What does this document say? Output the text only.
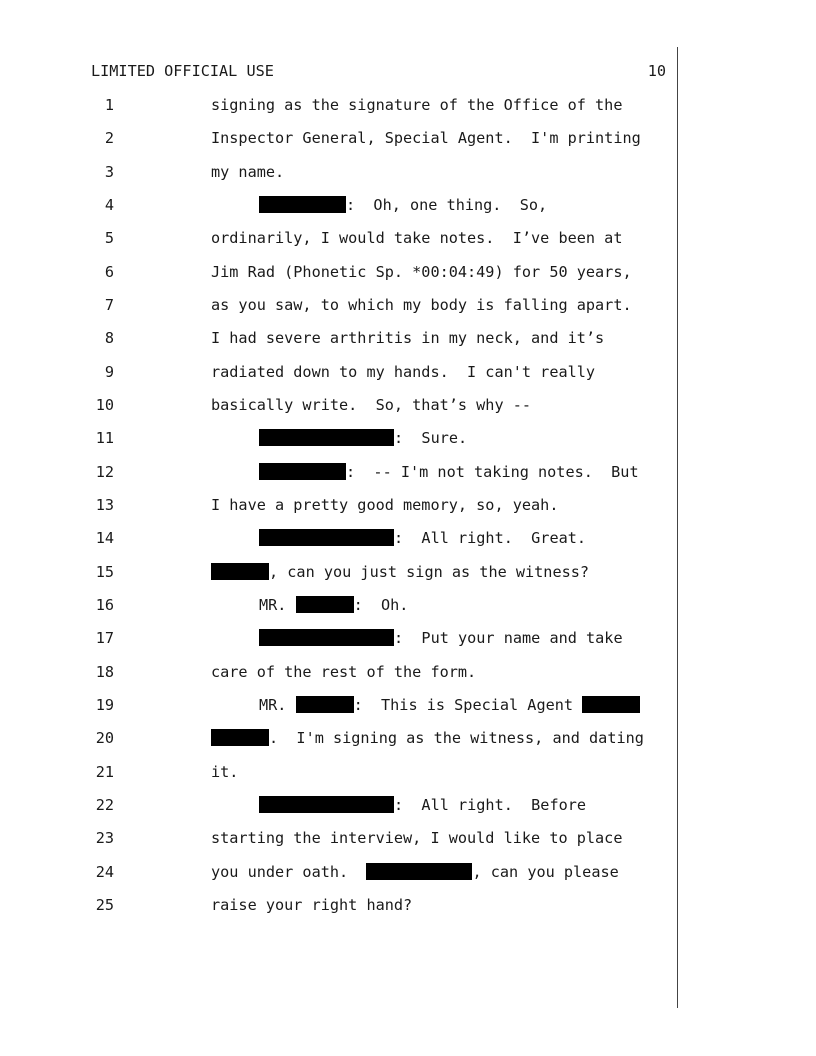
LIMITED OFFICIAL USE	10
1	signing as the signature of the Office of the
2	Inspector General, Special Agent.  I'm printing
3	my name.
4	:  Oh, one thing.  So,
5	ordinarily, I would take notes.  I’ve been at
6	Jim Rad (Phonetic Sp. *00:04:49) for 50 years,
7	as you saw, to which my body is falling apart.
8	I had severe arthritis in my neck, and it’s
9	radiated down to my hands.  I can't really
10	basically write.  So, that’s why --
11	:  Sure.
12	:  -- I'm not taking notes.  But
13	I have a pretty good memory, so, yeah.
14	:  All right.  Great.
15	, can you just sign as the witness?
16	MR.	:  Oh.
17	:  Put your name and take
18	care of the rest of the form.
19	MR.	:  This is Special Agent
20	.  I'm signing as the witness, and dating
21	it.
22	:  All right.  Before
23	starting the interview, I would like to place
24	you under oath.	, can you please
25	raise your right hand?
